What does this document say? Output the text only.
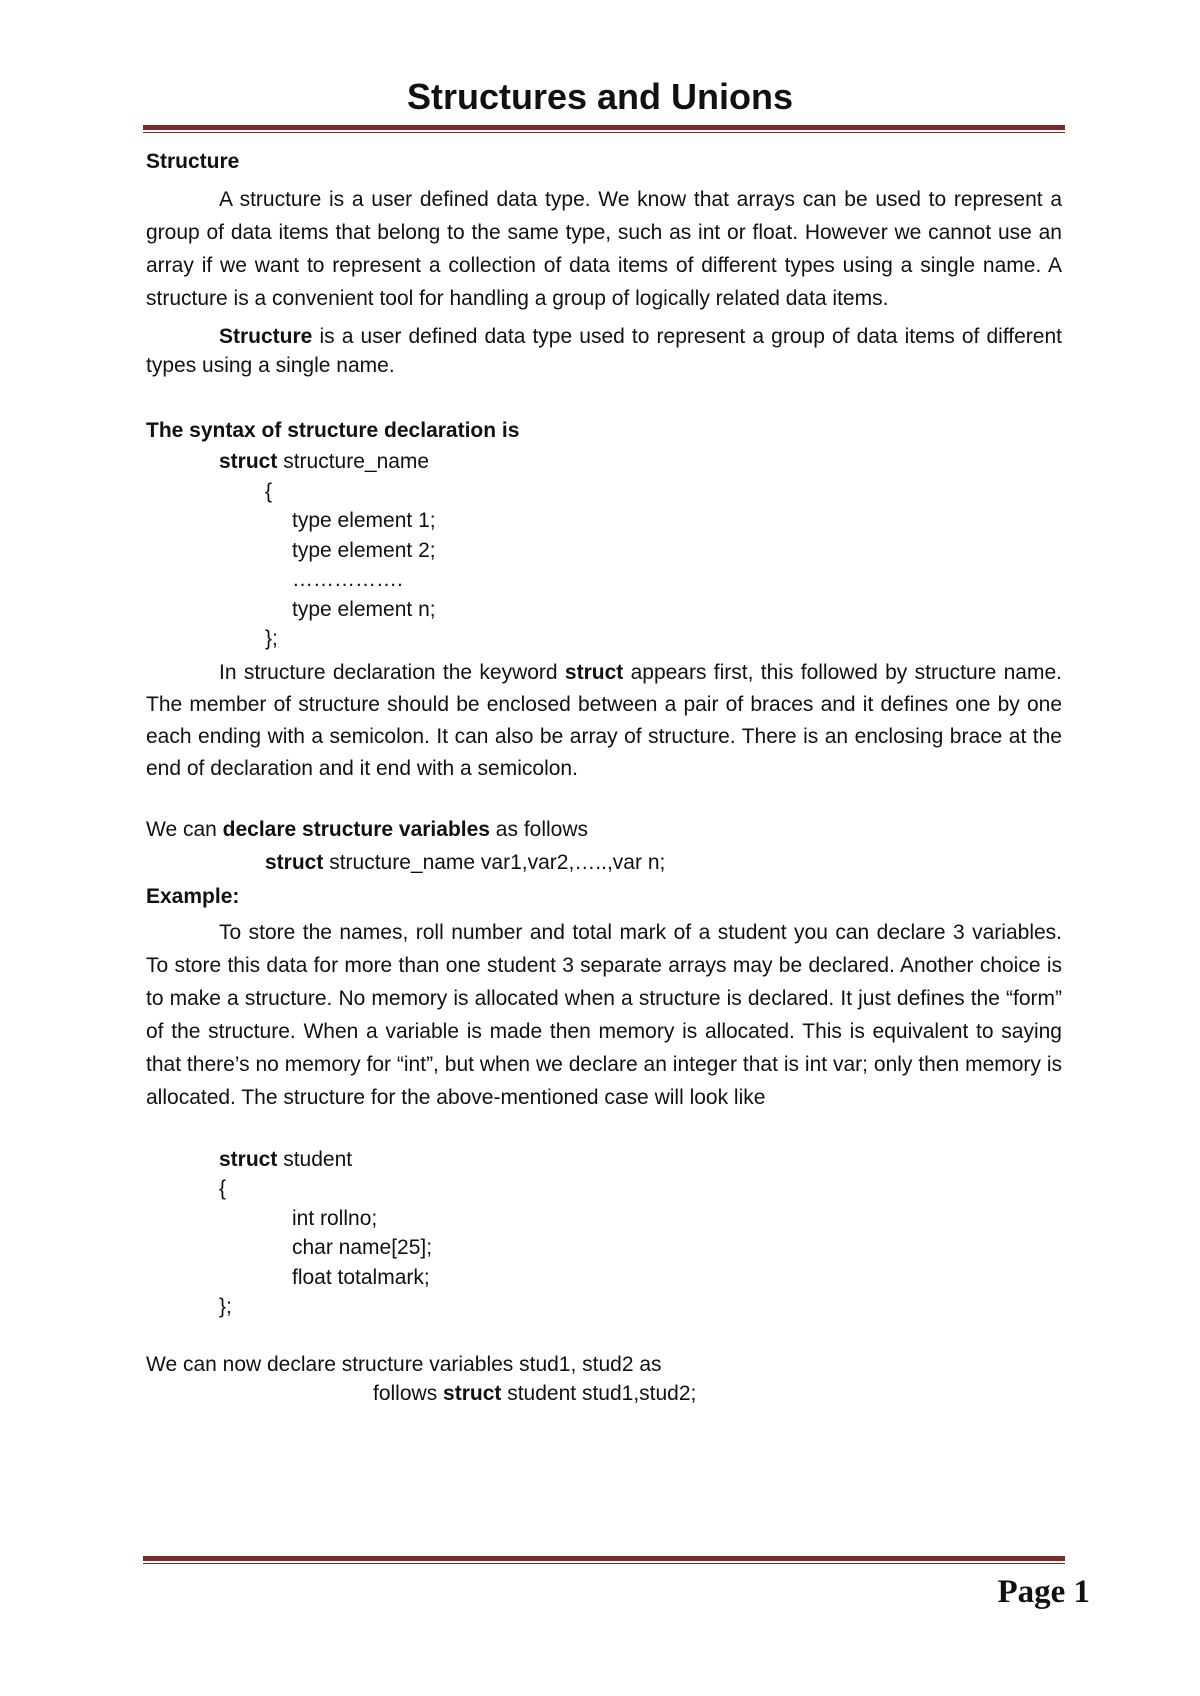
Structures and Unions

Structure

A structure is a user defined data type. We know that arrays can be used to represent a group of data items that belong to the same type, such as int or float. However we cannot use an array if we want to represent a collection of data items of different types using a single name. A structure is a convenient tool for handling a group of logically related data items.

Structure is a user defined data type used to represent a group of data items of different types using a single name.

The syntax of structure declaration is

struct structure_name
{
type element 1;
type element 2;
…………….
type element n;
};

In structure declaration the keyword struct appears first, this followed by structure name. The member of structure should be enclosed between a pair of braces and it defines one by one each ending with a semicolon. It can also be array of structure. There is an enclosing brace at the end of declaration and it end with a semicolon.

We can declare structure variables as follows

struct structure_name var1,var2,…..,var n;

Example:

To store the names, roll number and total mark of a student you can declare 3 variables. To store this data for more than one student 3 separate arrays may be declared. Another choice is to make a structure. No memory is allocated when a structure is declared. It just defines the “form” of the structure. When a variable is made then memory is allocated. This is equivalent to saying that there’s no memory for “int”, but when we declare an integer that is int var; only then memory is allocated. The structure for the above-mentioned case will look like

struct student
{
int rollno;
char name[25];
float totalmark;
};

We can now declare structure variables stud1, stud2 as

follows struct student stud1,stud2;

Page 1
